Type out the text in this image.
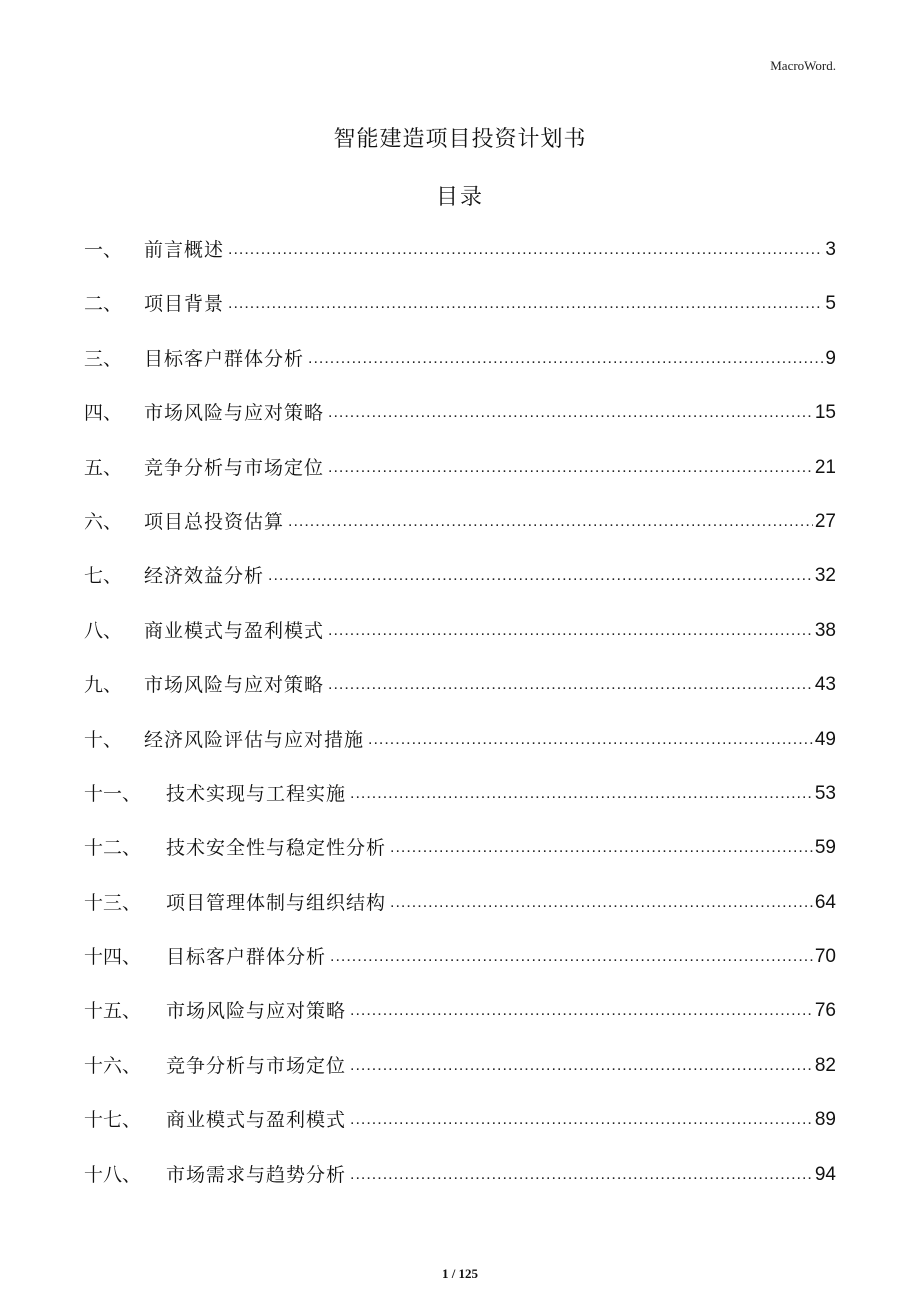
MacroWord.
智能建造项目投资计划书
目录
一、	前言概述 .....	3
二、	项目背景 .....	5
三、	目标客户群体分析 .....	9
四、	市场风险与应对策略 .....	15
五、	竞争分析与市场定位 .....	21
六、	项目总投资估算 .....	27
七、	经济效益分析 .....	32
八、	商业模式与盈利模式 .....	38
九、	市场风险与应对策略 .....	43
十、	经济风险评估与应对措施 .....	49
十一、	技术实现与工程实施 .....	53
十二、	技术安全性与稳定性分析 .....	59
十三、	项目管理体制与组织结构 .....	64
十四、	目标客户群体分析 .....	70
十五、	市场风险与应对策略 .....	76
十六、	竞争分析与市场定位 .....	82
十七、	商业模式与盈利模式 .....	89
十八、	市场需求与趋势分析 .....	94
1 / 125
